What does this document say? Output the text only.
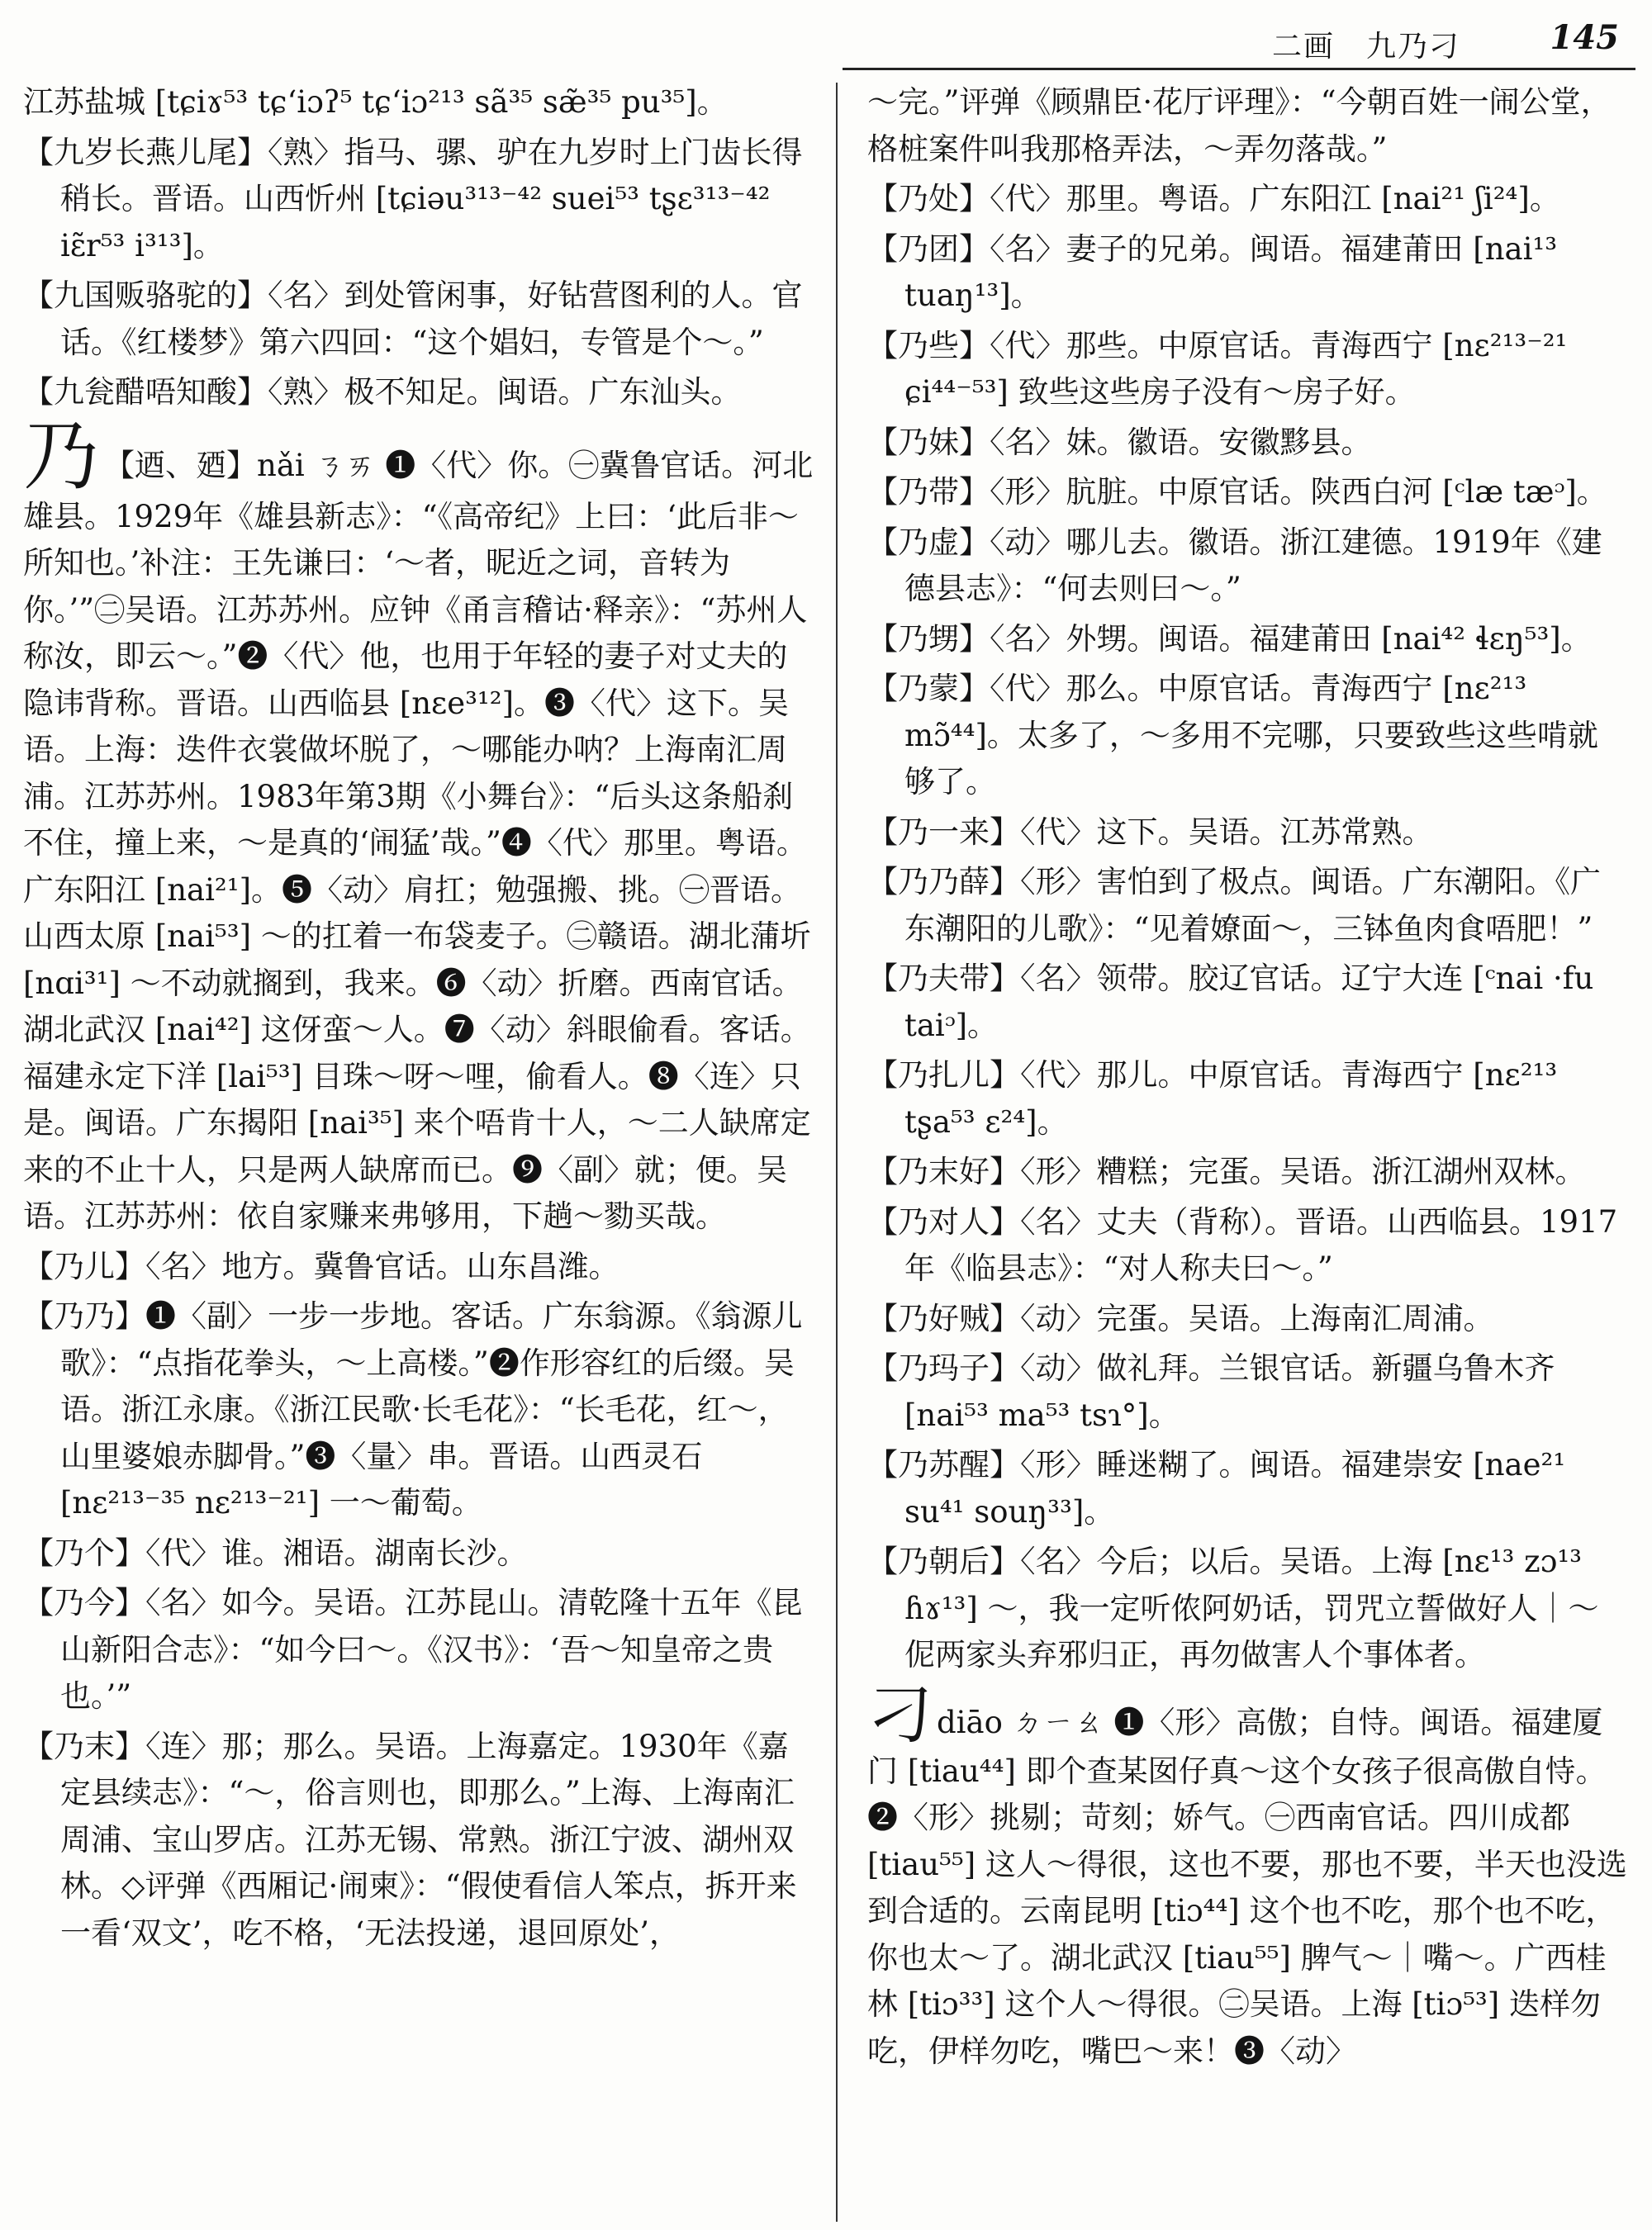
二画　九乃刁	145

江苏盐城 [tɕiɤ⁵³ tɕʻiɔʔ⁵ tɕʻiɔ²¹³ sã³⁵ sæ̃³⁵ pu³⁵]。

【九岁长燕儿尾】〈熟〉指马、骡、驴在九岁时上门齿长得稍长。晋语。山西忻州 [tɕiəu³¹³⁻⁴² suei⁵³ tʂɛ³¹³⁻⁴² iɛ̃r⁵³ i³¹³]。

【九国贩骆驼的】〈名〉到处管闲事，好钻营图利的人。官话。《红楼梦》第六四回：“这个娼妇，专管是个～。”

【九瓮醋唔知酸】〈熟〉极不知足。闽语。广东汕头。

乃 【迺、廼】nǎi ㄋㄞ ❶〈代〉你。㊀冀鲁官话。河北雄县。1929年《雄县新志》：“《高帝纪》上曰：‘此后非～所知也。’补注：王先谦曰：‘～者，昵近之词，音转为你。’”㊁吴语。江苏苏州。应钟《甬言稽诂·释亲》：“苏州人称汝，即云～。”❷〈代〉他，也用于年轻的妻子对丈夫的隐讳背称。晋语。山西临县 [nɛe³¹²]。❸〈代〉这下。吴语。上海：迭件衣裳做坏脱了，～哪能办呐？上海南汇周浦。江苏苏州。1983年第3期《小舞台》：“后头这条船刹不住，撞上来，～是真的‘闹猛’哉。”❹〈代〉那里。粤语。广东阳江 [nai²¹]。❺〈动〉肩扛；勉强搬、挑。㊀晋语。山西太原 [nai⁵³] ～的扛着一布袋麦子。㊁赣语。湖北蒲圻 [nɑi³¹] ～不动就搁到，我来。❻〈动〉折磨。西南官话。湖北武汉 [nai⁴²] 这伢蛮～人。❼〈动〉斜眼偷看。客话。福建永定下洋 [lai⁵³] 目珠～呀～哩，偷看人。❽〈连〉只是。闽语。广东揭阳 [nai³⁵] 来个唔肯十人，～二人缺席定来的不止十人，只是两人缺席而已。❾〈副〉就；便。吴语。江苏苏州：依自家赚来弗够用，下趟～勠买哉。

【乃儿】〈名〉地方。冀鲁官话。山东昌潍。

【乃乃】❶〈副〉一步一步地。客话。广东翁源。《翁源儿歌》：“点指花拳头，～上高楼。”❷作形容红的后缀。吴语。浙江永康。《浙江民歌·长毛花》：“长毛花，红～，山里婆娘赤脚骨。”❸〈量〉串。晋语。山西灵石 [nɛ²¹³⁻³⁵ nɛ²¹³⁻²¹] 一～葡萄。

【乃个】〈代〉谁。湘语。湖南长沙。

【乃今】〈名〉如今。吴语。江苏昆山。清乾隆十五年《昆山新阳合志》：“如今曰～。《汉书》：‘吾～知皇帝之贵也。’”

【乃末】〈连〉那；那么。吴语。上海嘉定。1930年《嘉定县续志》：“～，俗言则也，即那么。”上海、上海南汇周浦、宝山罗店。江苏无锡、常熟。浙江宁波、湖州双林。◇评弹《西厢记·闹柬》：“假使看信人笨点，拆开来一看‘双文’，吃不格，‘无法投递，退回原处’，

～完。”评弹《顾鼎臣·花厅评理》：“今朝百姓一闹公堂，格桩案件叫我那格弄法，～弄勿落哉。”

【乃处】〈代〉那里。粤语。广东阳江 [nai²¹ ʃi²⁴]。

【乃团】〈名〉妻子的兄弟。闽语。福建莆田 [nai¹³ tuaŋ¹³]。

【乃些】〈代〉那些。中原官话。青海西宁 [nɛ²¹³⁻²¹ ɕi⁴⁴⁻⁵³] 致些这些房子没有～房子好。

【乃妹】〈名〉妹。徽语。安徽黟县。

【乃带】〈形〉肮脏。中原官话。陕西白河 [ᶜlæ tæᵓ]。

【乃虚】〈动〉哪儿去。徽语。浙江建德。1919年《建德县志》：“何去则曰～。”

【乃甥】〈名〉外甥。闽语。福建莆田 [nai⁴² ɬɛŋ⁵³]。

【乃蒙】〈代〉那么。中原官话。青海西宁 [nɛ²¹³ mɔ̃⁴⁴]。太多了，～多用不完哪，只要致些这些啃就够了。

【乃一来】〈代〉这下。吴语。江苏常熟。

【乃乃薛】〈形〉害怕到了极点。闽语。广东潮阳。《广东潮阳的儿歌》：“见着嫽面～，三钵鱼肉食唔肥！”

【乃夫带】〈名〉领带。胶辽官话。辽宁大连 [ᶜnai ·fu taiᵓ]。

【乃扎儿】〈代〉那儿。中原官话。青海西宁 [nɛ²¹³ tʂa⁵³ ɛ²⁴]。

【乃末好】〈形〉糟糕；完蛋。吴语。浙江湖州双林。

【乃对人】〈名〉丈夫（背称）。晋语。山西临县。1917年《临县志》：“对人称夫曰～。”

【乃好贼】〈动〉完蛋。吴语。上海南汇周浦。

【乃玛子】〈动〉做礼拜。兰银官话。新疆乌鲁木齐 [nai⁵³ ma⁵³ tsɿ°]。

【乃苏醒】〈形〉睡迷糊了。闽语。福建崇安 [nae²¹ su⁴¹ souŋ³³]。

【乃朝后】〈名〉今后；以后。吴语。上海 [nɛ¹³ zɔ¹³ ɦɤ¹³] ～，我一定听侬阿奶话，罚咒立誓做好人｜～伲两家头弃邪归正，再勿做害人个事体者。

刁diāo ㄉㄧㄠ ❶〈形〉高傲；自恃。闽语。福建厦门 [tiau⁴⁴] 即个查某囡仔真～这个女孩子很高傲自恃。❷〈形〉挑剔；苛刻；娇气。㊀西南官话。四川成都 [tiau⁵⁵] 这人～得很，这也不要，那也不要，半天也没选到合适的。云南昆明 [tiɔ⁴⁴] 这个也不吃，那个也不吃，你也太～了。湖北武汉 [tiau⁵⁵] 脾气～｜嘴～。广西桂林 [tiɔ³³] 这个人～得很。㊁吴语。上海 [tiɔ⁵³] 迭样勿吃，伊样勿吃，嘴巴～来！❸〈动〉
